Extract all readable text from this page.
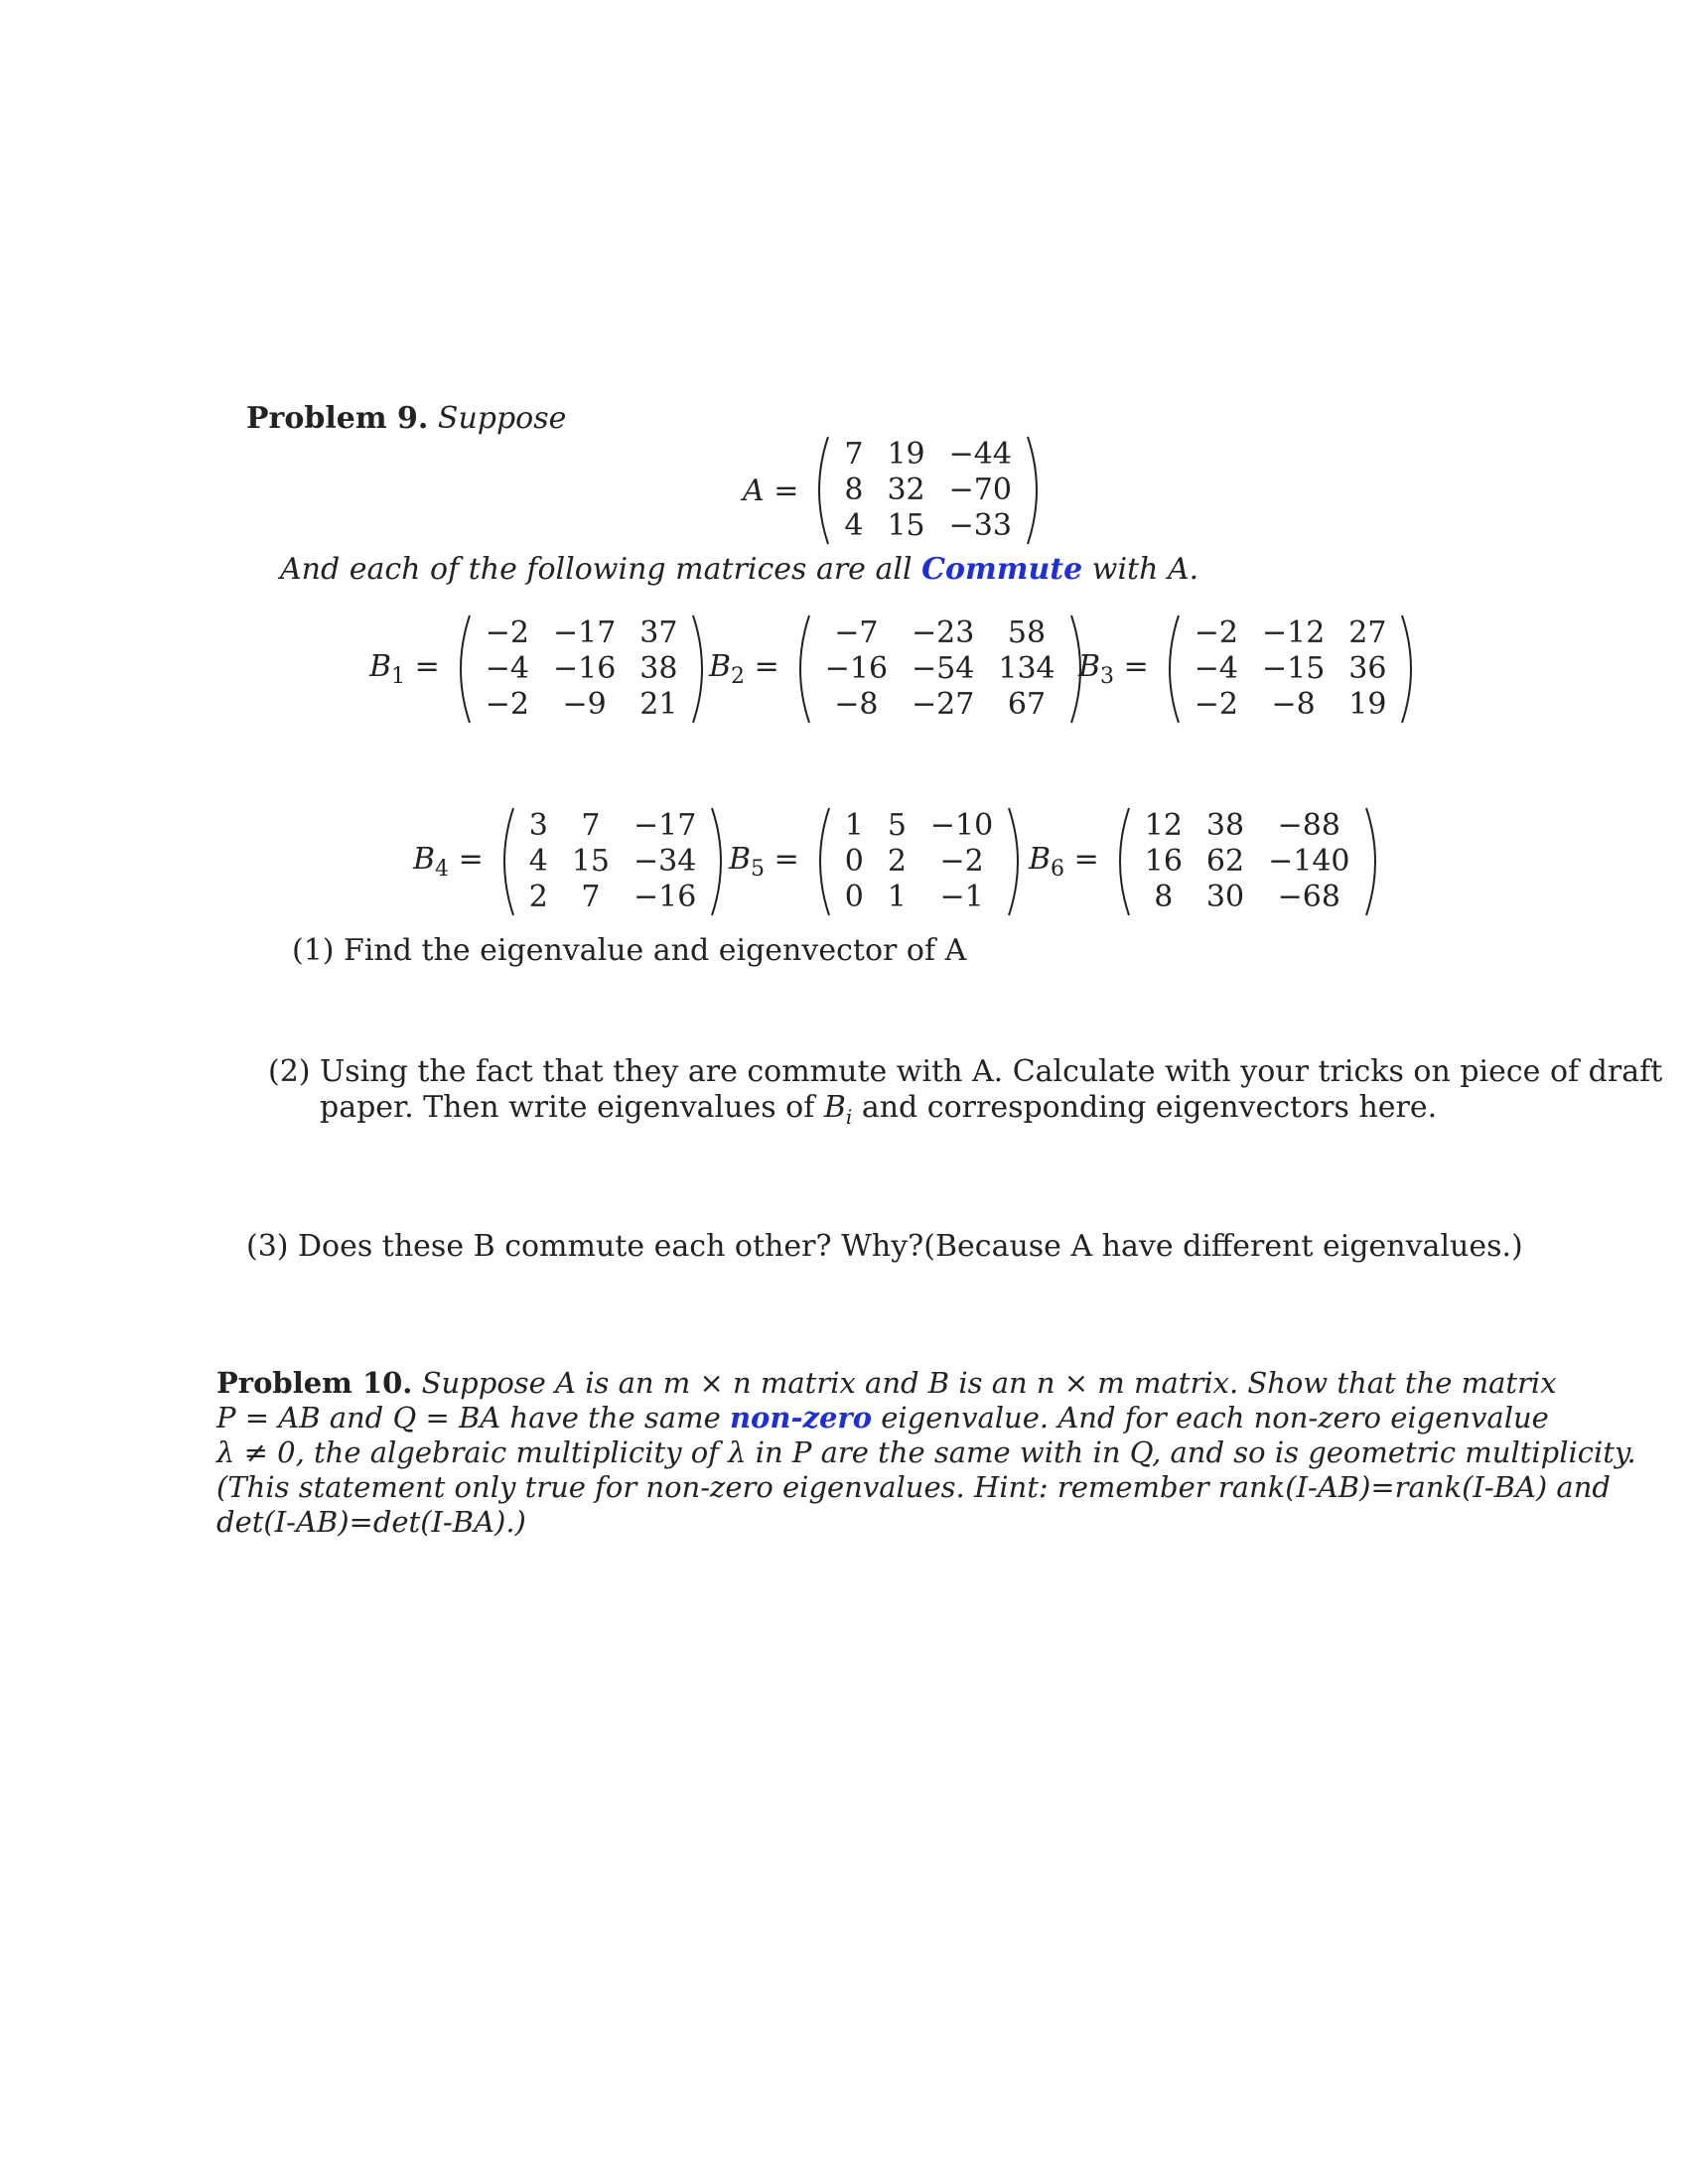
Problem 9. Suppose
A =
7 19 −44
8 32 −70
4 15 −33
And each of the following matrices are all Commute with A.
$B_1$ =
−2 −17 37
−4 −16 38
−2	−9	21
$B_2$ =
−7	−23	58
−16 −54 134
−8	−27	67
$B_3$ =
−2 −12 27
−4 −15 36
−2	−8	19
$B_4$ =
3	7	−17
4 15 −34
2	7	−16
$B_5$ =
1 5 −10
0 2	−2
0 1	−1
$B_6$ =
12 38	−88
16 62 −140
8	30	−68
(1) Find the eigenvalue and eigenvector of A
(2) Using the fact that they are commute with A. Calculate with your tricks on piece of draft
paper. Then write eigenvalues of $B_i$ and corresponding eigenvectors here.
(3) Does these B commute each other? Why?(Because A have different eigenvalues.)
Problem 10. Suppose A is an m × n matrix and B is an n × m matrix. Show that the matrix
P = AB and Q = BA have the same non-zero eigenvalue. And for each non-zero eigenvalue
λ ≠ 0, the algebraic multiplicity of λ in P are the same with in Q, and so is geometric multiplicity.
(This statement only true for non-zero eigenvalues. Hint: remember rank(I-AB)=rank(I-BA) and
det(I-AB)=det(I-BA).)
